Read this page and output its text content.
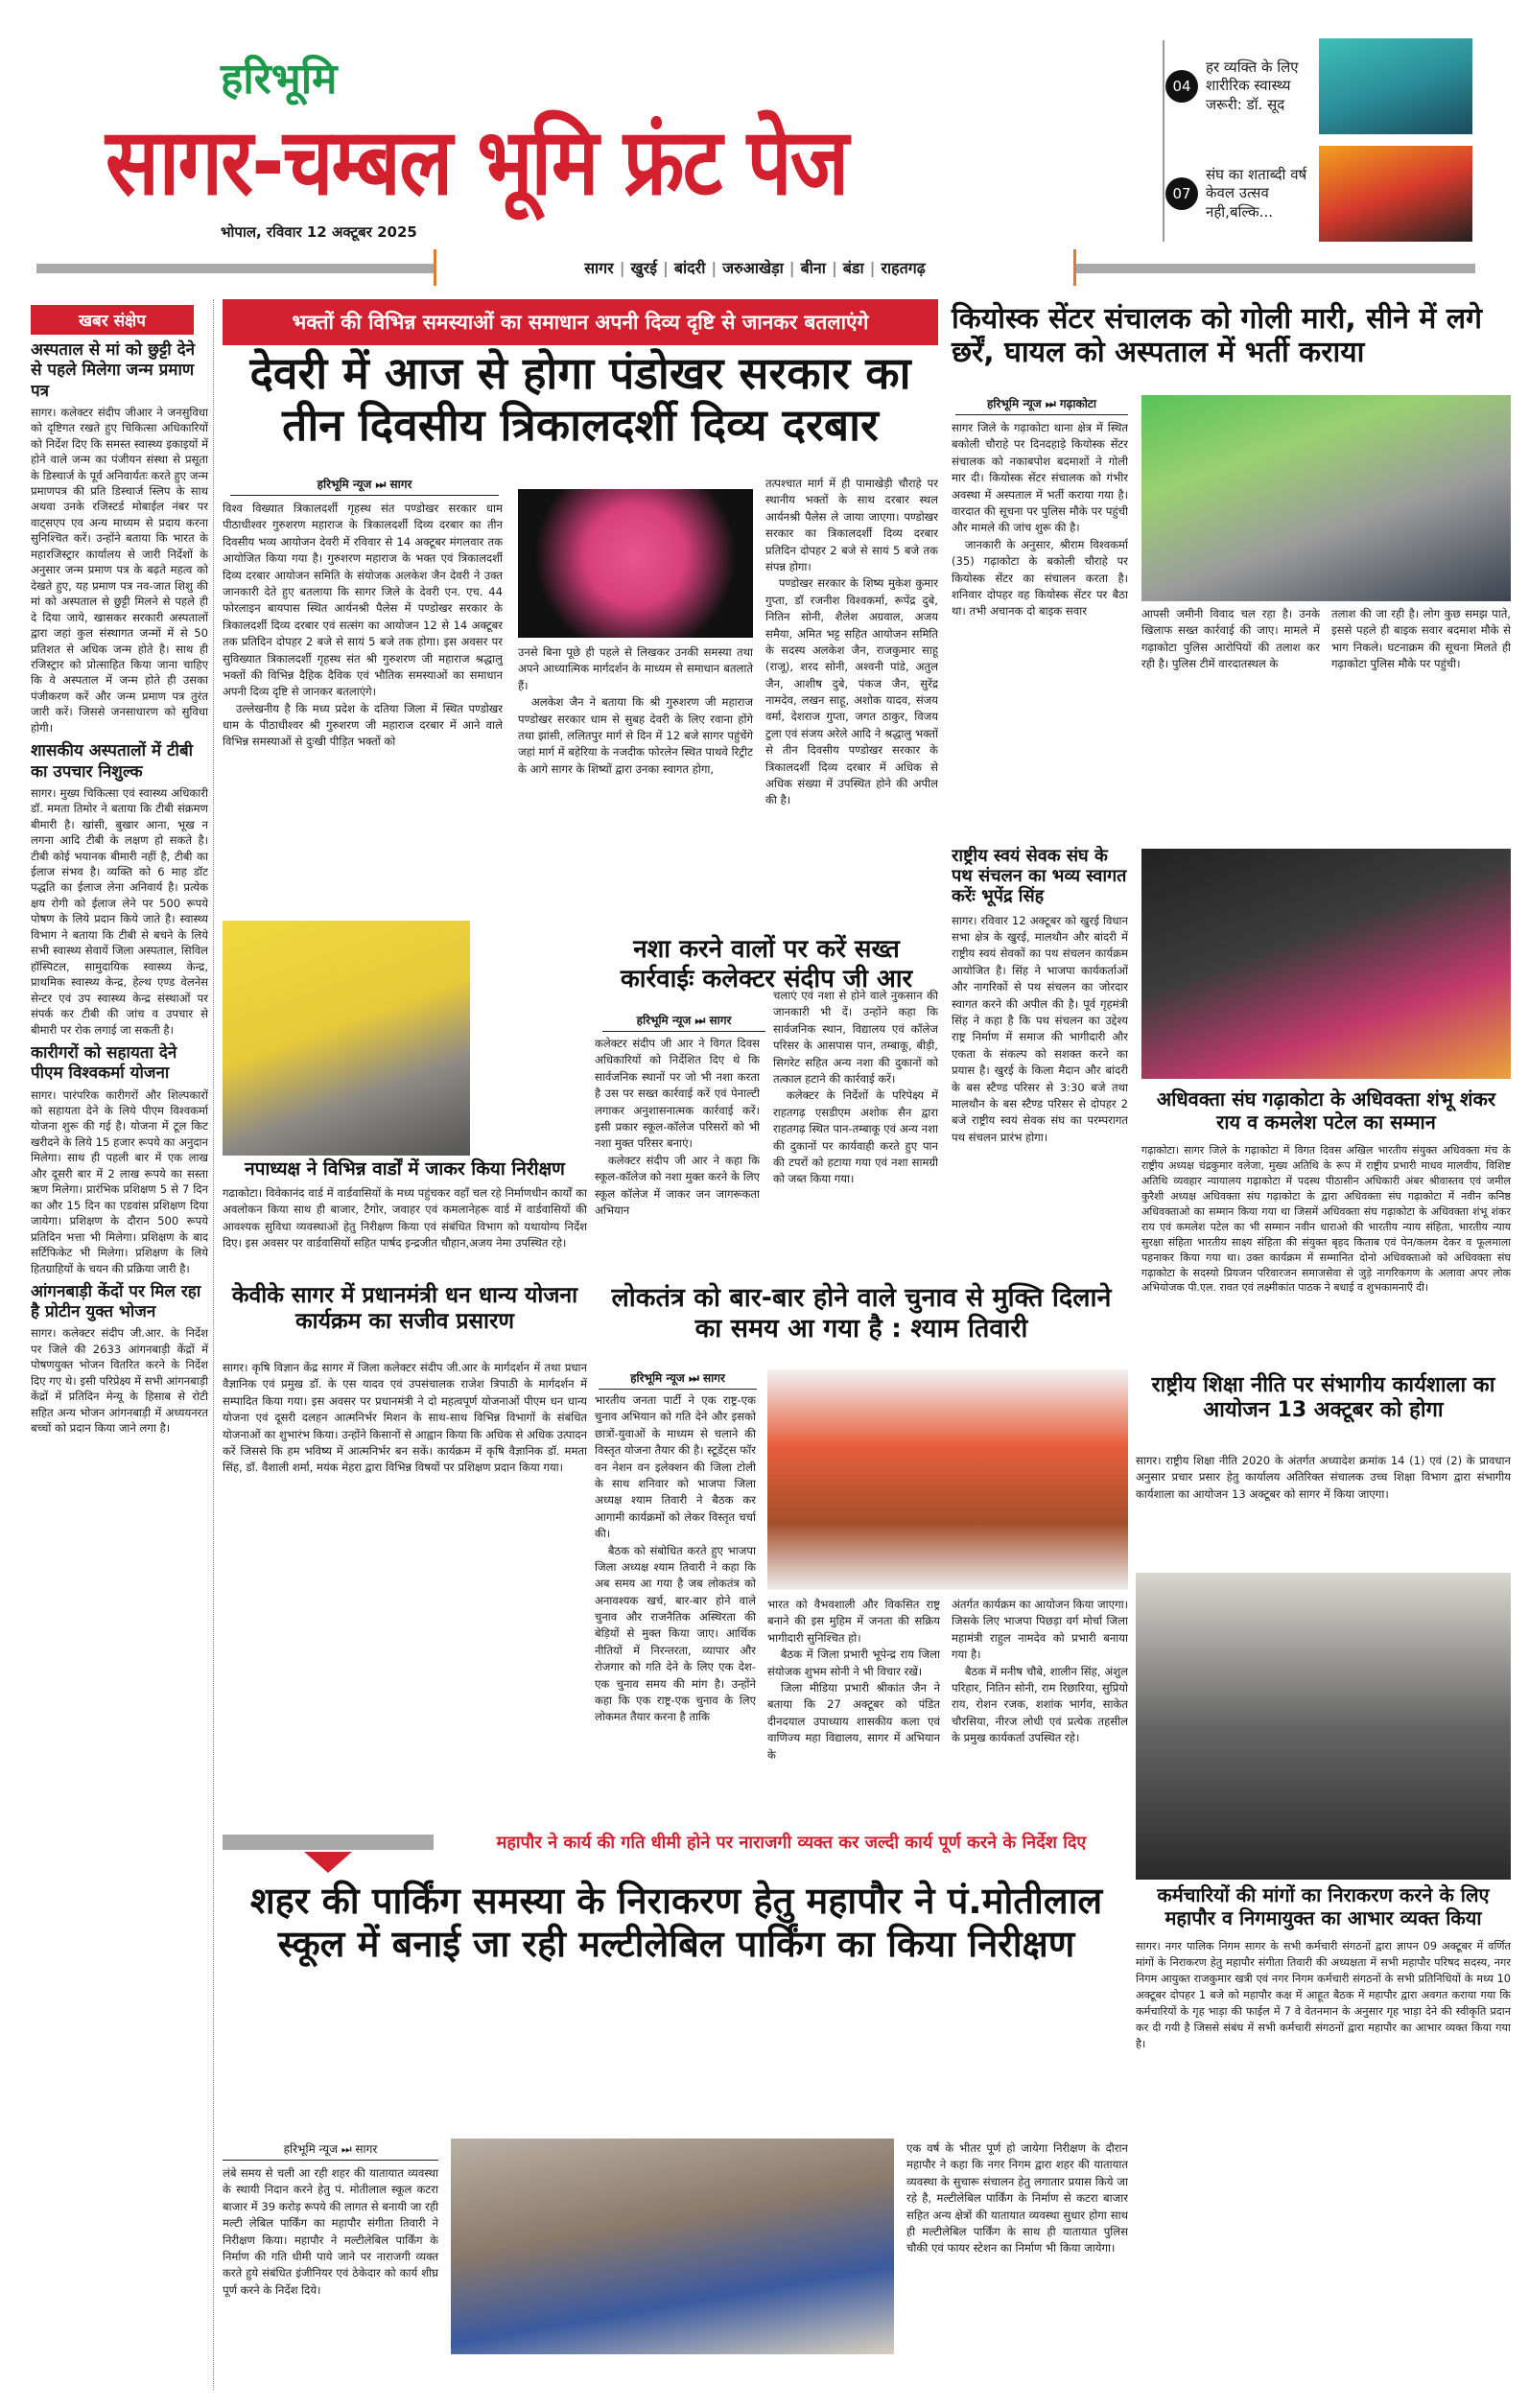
हरिभूमि
सागर-चम्बल भूमि फ्रंट पेज
भोपाल, रविवार 12 अक्टूबर 2025
सागर | खुरई | बांदरी | जरुआखेड़ा | बीना | बंडा | राहतगढ़
04
हर व्यक्ति के लिए शारीरिक स्वास्थ्य जरूरी: डॉ. सूद
07
संघ का शताब्दी वर्ष केवल उत्सव नही,बल्कि...
खबर संक्षेप
अस्पताल से मां को छुट्टी देने से पहले मिलेगा जन्म प्रमाण पत्र

सागर। कलेक्टर संदीप जीआर ने जनसुविधा को दृष्टिगत रखते हुए चिकित्सा अधिकारियों को निर्देश दिए कि समस्त स्वास्थ्य इकाइयों में होने वाले जन्म का पंजीयन संस्था से प्रसूता के डिस्चार्ज के पूर्व अनिवार्यतः करते हुए जन्म प्रमाणपत्र की प्रति डिस्चार्ज स्लिप के साथ अथवा उनके रजिस्टर्ड मोबाईल नंबर पर वाट्सएप एव अन्य माध्यम से प्रदाय करना सुनिश्चित करें। उन्होंने बताया कि भारत के महारजिस्ट्रार कार्यालय से जारी निर्देशों के अनुसार जन्म प्रमाण पत्र के बढ़ते महत्व को देखते हुए, यह प्रमाण पत्र नव-जात शिशु की मां को अस्पताल से छुट्टी मिलने से पहले ही दे दिया जाये, खासकर सरकारी अस्पतालों द्वारा जहां कुल संस्थागत जन्मों में से 50 प्रतिशत से अधिक जन्म होते है। साथ ही रजिस्ट्रार को प्रोत्साहित किया जाना चाहिए कि वे अस्पताल में जन्म होते ही उसका पंजीकरण करें और जन्म प्रमाण पत्र तुरंत जारी करें। जिससे जनसाधारण को सुविधा होगी।

शासकीय अस्पतालों में टीबी का उपचार निशुल्क

सागर। मुख्य चिकित्सा एवं स्वास्थ्य अधिकारी डॉ. ममता तिमोर ने बताया कि टीबी संक्रमण बीमारी है। खांसी, बुखार आना, भूख न लगना आदि टीबी के लक्षण हो सकते है। टीबी कोई भयानक बीमारी नहीं है, टीबी का ईलाज संभव है। व्यक्ति को 6 माह डॉट पद्धति का ईलाज लेना अनिवार्य है। प्रत्येक क्षय रोगी को ईलाज लेने पर 500 रूपये पोषण के लिये प्रदान किये जाते है। स्वास्थ्य विभाग ने बताया कि टीबी से बचने के लिये सभी स्वास्थ्य सेवायें जिला अस्पताल, सिविल हॉस्पिटल, सामुदायिक स्वास्थ्य केन्द्र, प्राथमिक स्वास्थ्य केन्द्र, हेल्थ एण्ड वेलनेस सेन्टर एवं उप स्वास्थ्य केन्द्र संस्थाओं पर संपर्क कर टीबी की जांच व उपचार से बीमारी पर रोक लगाई जा सकती है।

कारीगरों को सहायता देने पीएम विश्वकर्मा योजना

सागर। पारंपरिक कारीगरों और शिल्पकारों को सहायता देने के लिये पीएम विश्वकर्मा योजना शुरू की गई है। योजना में टूल किट खरीदने के लिये 15 हजार रूपये का अनुदान मिलेगा। साथ ही पहली बार में एक लाख और दूसरी बार में 2 लाख रूपये का सस्ता ऋण मिलेगा। प्रारंभिक प्रशिक्षण 5 से 7 दिन का और 15 दिन का एडवांस प्रशिक्षण दिया जायेगा। प्रशिक्षण के दौरान 500 रूपये प्रतिदिन भत्ता भी मिलेगा। प्रशिक्षण के बाद सर्टिफिकेट भी मिलेगा। प्रशिक्षण के लिये हितग्राहियों के चयन की प्रक्रिया जारी है।

आंगनबाड़ी केंदों पर मिल रहा है प्रोटीन युक्त भोजन

सागर। कलेक्टर संदीप जी.आर. के निर्देश पर जिले की 2633 आंगनबाड़ी केंद्रों में पोषणयुक्त भोजन वितरित करने के निर्देश दिए गए थे। इसी परिप्रेक्ष्य में सभी आंगनबाड़ी केंद्रों में प्रतिदिन मेन्यू के हिसाब से रोटी सहित अन्य भोजन आंगनबाड़ी में अध्ययनरत बच्चों को प्रदान किया जाने लगा है।

भक्तों की विभिन्न समस्याओं का समाधान अपनी दिव्य दृष्टि से जानकर बतलाएंगे
देवरी में आज से होगा पंडोखर सरकार का तीन दिवसीय त्रिकालदर्शी दिव्य दरबार
हरिभूमि न्यूज ⏭ सागर

विश्व विख्यात त्रिकालदर्शी गृहस्थ संत पण्डोखर सरकार धाम पीठाधीश्वर गुरुशरण महाराज के त्रिकालदर्शी दिव्य दरबार का तीन दिवसीय भव्य आयोजन देवरी में रविवार से 14 अक्टूबर मंगलवार तक आयोजित किया गया है। गुरुशरण महाराज के भक्त एवं त्रिकालदर्शी दिव्य दरबार आयोजन समिति के संयोजक अलकेश जैन देवरी ने उक्त जानकारी देते हुए बतलाया कि सागर जिले के देवरी एन. एच. 44 फोरलाइन बायपास स्थित आर्यनश्री पैलेस में पण्डोखर सरकार के त्रिकालदर्शी दिव्य दरबार एवं सत्संग का आयोजन 12 से 14 अक्टूबर तक प्रतिदिन दोपहर 2 बजे से सायं 5 बजे तक होगा। इस अवसर पर सुविख्यात त्रिकालदर्शी गृहस्थ संत श्री गुरुशरण जी महाराज श्रद्धालु भक्तों की विभिन्न दैहिक दैविक एवं भौतिक समस्याओं का समाधान अपनी दिव्य दृष्टि से जानकर बतलाएंगे।

उल्लेखनीय है कि मध्य प्रदेश के दतिया जिला में स्थित पण्डोखर धाम के पीठाधीश्वर श्री गुरुशरण जी महाराज दरबार में आने वाले विभिन्न समस्याओं से दुःखी पीड़ित भक्तों को

उनसे बिना पूछे ही पहले से लिखकर उनकी समस्या तथा अपने आध्यात्मिक मार्गदर्शन के माध्यम से समाधान बतलाते हैं।

अलकेश जैन ने बताया कि श्री गुरुशरण जी महाराज पण्डोखर सरकार धाम से सुबह देवरी के लिए रवाना होंगे तथा झांसी, ललितपुर मार्ग से दिन में 12 बजे सागर पहुंचेंगे जहां मार्ग में बहेरिया के नजदीक फोरलेन स्थित पाथवे रिट्रीट के आगे सागर के शिष्यों द्वारा उनका स्वागत होगा,

तत्पश्चात मार्ग में ही पामाखेड़ी चौराहे पर स्थानीय भक्तों के साथ दरबार स्थल आर्यनश्री पैलेस ले जाया जाएगा। पण्डोखर सरकार का त्रिकालदर्शी दिव्य दरबार प्रतिदिन दोपहर 2 बजे से सायं 5 बजे तक संपन्न होगा।

पण्डोखर सरकार के शिष्य मुकेश कुमार गुप्ता, डॉ रजनीश विश्वकर्मा, रूपेंद्र दुबे, नितिन सोनी, शैलेश अग्रवाल, अजय समैया, अमित भट्ट सहित आयोजन समिति के सदस्य अलकेश जैन, राजकुमार साहू (राजू), शरद सोनी, अश्वनी पांडे, अतुल जैन, आशीष दुबे, पंकज जैन, सुरेंद्र नामदेव, लखन साहू, अशोक यादव, संजय वर्मा, देशराज गुप्ता, जगत ठाकुर, विजय टुला एवं संजय अरेले आदि ने श्रद्धालु भक्तों से तीन दिवसीय पण्डोखर सरकार के त्रिकालदर्शी दिव्य दरबार में अधिक से अधिक संख्या में उपस्थित होने की अपील की है।

नपाध्यक्ष ने विभिन्न वार्डों में जाकर किया निरीक्षण

गढाकोटा। विवेकानंद वार्ड में वार्डवासियों के मध्य पहुंचकर वहाँ चल रहे निर्माणधीन कार्यों का अवलोकन किया साथ ही बाजार, टैगोर, जवाहर एवं कमलानेहरू वार्ड में वार्डवासियों की आवश्यक सुविधा व्यवस्थाओं हेतु निरीक्षण किया एवं संबंधित विभाग को यथायोग्य निर्देश दिए। इस अवसर पर वार्डवासियों सहित पार्षद इन्द्रजीत चौहान,अजय नेमा उपस्थित रहे।

नशा करने वालों पर करें सख्त कार्रवाईः कलेक्टर संदीप जी आर
हरिभूमि न्यूज ⏭ सागर

कलेक्टर संदीप जी आर ने विगत दिवस अधिकारियों को निर्देशित दिए थे कि सार्वजनिक स्थानों पर जो भी नशा करता है उस पर सख्त कार्रवाई करें एवं पेनाल्टी लगाकर अनुशासनात्मक कार्रवाई करें। इसी प्रकार स्कूल-कॉलेज परिसरों को भी नशा मुक्त परिसर बनाएं।

कलेक्टर संदीप जी आर ने कहा कि स्कूल-कॉलेज को नशा मुक्त करने के लिए स्कूल कॉलेज में जाकर जन जागरूकता अभियान

चलाएं एवं नशा से होने वाले नुकसान की जानकारी भी दें। उन्होंने कहा कि सार्वजनिक स्थान, विद्यालय एवं कॉलेज परिसर के आसपास पान, तम्बाकू, बीड़ी, सिगरेट सहित अन्य नशा की दुकानों को तत्काल हटाने की कार्रवाई करें।

कलेक्टर के निर्देशों के परिपेक्ष्य में राहतगढ़ एसडीएम अशोक सैन द्वारा राहतगढ़ स्थित पान-तम्बाकू एवं अन्य नशा की दुकानों पर कार्यवाही करते हुए पान की टपरों को हटाया गया एवं नशा सामग्री को जब्त किया गया।

कियोस्क सेंटर संचालक को गोली मारी, सीने में लगे छर्रें, घायल को अस्पताल में भर्ती कराया
हरिभूमि न्यूज ⏭ गढ़ाकोटा

सागर जिले के गढ़ाकोटा थाना क्षेत्र में स्थित बकोली चौराहे पर दिनदहाड़े कियोस्क सेंटर संचालक को नकाबपोश बदमाशों ने गोली मार दी। कियोस्क सेंटर संचालक को गंभीर अवस्था में अस्पताल में भर्ती कराया गया है। वारदात की सूचना पर पुलिस मौके पर पहुंची और मामले की जांच शुरू की है।

जानकारी के अनुसार, श्रीराम विश्वकर्मा (35) गढ़ाकोटा के बकोली चौराहे पर कियोस्क सेंटर का संचालन करता है। शनिवार दोपहर वह कियोस्क सेंटर पर बैठा था। तभी अचानक दो बाइक सवार	आपसी जमीनी विवाद चल रहा है। उनके खिलाफ सख्त कार्रवाई की जाए। मामले में गढ़ाकोटा पुलिस आरोपियों की तलाश कर रही है। पुलिस टीमें वारदातस्थल के

तलाश की जा रही है। लोग कुछ समझ पाते, इससे पहले ही बाइक सवार बदमाश मौके से भाग निकले। घटनाक्रम की सूचना मिलते ही गढ़ाकोटा पुलिस मौके पर पहुंची।

राष्ट्रीय स्वयं सेवक संघ के पथ संचलन का भव्य स्वागत करेंः भूपेंद्र सिंह

सागर। रविवार 12 अक्टूबर को खुरई विधान सभा क्षेत्र के खुरई, मालथौन और बांदरी में राष्ट्रीय स्वयं सेवकों का पथ संचलन कार्यक्रम आयोजित है। सिंह ने भाजपा कार्यकर्ताओं और नागरिकों से पथ संचलन का जोरदार स्वागत करने की अपील की है। पूर्व गृहमंत्री सिंह ने कहा है कि पथ संचलन का उद्देश्य राष्ट्र निर्माण में समाज की भागीदारी और एकता के संकल्प को सशक्त करने का प्रयास है। खुरई के किला मैदान और बांदरी के बस स्टैण्ड परिसर से 3:30 बजे तथा मालथौन के बस स्टैण्ड परिसर से दोपहर 2 बजे राष्ट्रीय स्वयं सेवक संघ का परम्परागत पथ संचलन प्रारंभ होगा।

अधिवक्ता संघ गढ़ाकोटा के अधिवक्ता शंभू शंकर राय व कमलेश पटेल का सम्मान

गढ़ाकोटा। सागर जिले के गढ़ाकोटा में विगत दिवस अखिल भारतीय संयुक्त अधिवक्ता मंच के राष्ट्रीय अध्यक्ष चंद्रकुमार वलेजा, मुख्य अतिथि के रूप में राष्ट्रीय प्रभारी माधव मालवीय, विशिष्ट अतिथि व्यवहार न्यायालय गढ़ाकोटा में पदस्थ पीठासीन अधिकारी अंबर श्रीवास्तव एवं जमील कुरैशी अध्यक्ष अधिवक्ता संघ गढ़ाकोटा के द्वारा अधिवक्ता संघ गढ़ाकोटा में नवीन कनिष्ठ अधिवक्ताओ का सम्मान किया गया था जिसमें अधिवक्ता संघ गढ़ाकोटा के अधिवक्ता शंभू शंकर राय एवं कमलेश पटेल का भी सम्मान नवीन धाराओ की भारतीय न्याय संहिता, भारतीय न्याय सुरक्षा संहिता भारतीय साक्ष्य संहिता की संयुक्त बृहद किताब एवं पेन/कलम देकर व फूलमाला पहनाकर किया गया था। उक्त कार्यक्रम में सम्मानित दोनो अधिवक्ताओ को अधिवक्ता संघ गढ़ाकोटा के सदस्यो प्रियजन परिवारजन समाजसेवा से जुड़े नागरिकगण के अलावा अपर लोक अभियोजक पी.एल. रावत एवं लक्ष्मीकांत पाठक ने बधाई व शुभकामनाएँ दी।

राष्ट्रीय शिक्षा नीति पर संभागीय कार्यशाला का आयोजन 13 अक्टूबर को होगा

सागर। राष्ट्रीय शिक्षा नीति 2020 के अंतर्गत अध्यादेश क्रमांक 14 (1) एवं (2) के प्रावधान अनुसार प्रचार प्रसार हेतु कार्यालय अतिरिक्त संचालक उच्च शिक्षा विभाग द्वारा संभागीय कार्यशाला का आयोजन 13 अक्टूबर को सागर में किया जाएगा।

केवीके सागर में प्रधानमंत्री धन धान्य योजना कार्यक्रम का सजीव प्रसारण

सागर। कृषि विज्ञान केंद्र सागर में जिला कलेक्टर संदीप जी.आर के मार्गदर्शन में तथा प्रधान वैज्ञानिक एवं प्रमुख डॉ. के एस यादव एवं उपसंचालक राजेश त्रिपाठी के मार्गदर्शन में सम्पादित किया गया। इस अवसर पर प्रधानमंत्री ने दो महत्वपूर्ण योजनाओं पीएम धन धान्य योजना एवं दूसरी दलहन आत्मनिर्भर मिशन के साथ-साथ विभिन्न विभागों के संबंधित योजनाओं का शुभारंभ किया। उन्होंने किसानों से आह्वान किया कि अधिक से अधिक उत्पादन करें जिससे कि हम भविष्य में आत्मनिर्भर बन सकें। कार्यक्रम में कृषि वैज्ञानिक डॉ. ममता सिंह, डॉ. वैशाली शर्मा, मयंक मेहरा द्वारा विभिन्न विषयों पर प्रशिक्षण प्रदान किया गया।

लोकतंत्र को बार-बार होने वाले चुनाव से मुक्ति दिलाने का समय आ गया है : श्याम तिवारी
हरिभूमि न्यूज ⏭ सागर

भारतीय जनता पार्टी ने एक राष्ट्र-एक चुनाव अभियान को गति देने और इसको छात्रों-युवाओं के माध्यम से चलाने की विस्तृत योजना तैयार की है। स्टूडेंट्स फॉर वन नेशन वन इलेक्शन की जिला टोली के साथ शनिवार को भाजपा जिला अध्यक्ष श्याम तिवारी ने बैठक कर आगामी कार्यक्रमों को लेकर विस्तृत चर्चा की।

बैठक को संबोधित करते हुए भाजपा जिला अध्यक्ष श्याम तिवारी ने कहा कि अब समय आ गया है जब लोकतंत्र को अनावश्यक खर्च, बार-बार होने वाले चुनाव और राजनैतिक अस्थिरता की बेड़ियों से मुक्त किया जाए। आर्थिक नीतियों में निरन्तरता, व्यापार और रोजगार को गति देने के लिए एक देश-एक चुनाव समय की मांग है। उन्होंने कहा कि एक राष्ट्र-एक चुनाव के लिए लोकमत तैयार करना है ताकि

भारत को वैभवशाली और विकसित राष्ट्र बनाने की इस मुहिम में जनता की सक्रिय भागीदारी सुनिश्चित हो।

बैठक में जिला प्रभारी भूपेन्द्र राय जिला संयोजक शुभम सोनी ने भी विचार रखें।

जिला मीडिया प्रभारी श्रीकांत जैन ने बताया कि 27 अक्टूबर को पंडित दीनदयाल उपाध्याय शासकीय कला एवं वाणिज्य महा विद्यालय, सागर में अभियान के

अंतर्गत कार्यक्रम का आयोजन किया जाएगा। जिसके लिए भाजपा पिछड़ा वर्ग मोर्चा जिला महामंत्री राहुल नामदेव को प्रभारी बनाया गया है।

बैठक में मनीष चौबे, शालीन सिंह, अंशुल परिहार, नितिन सोनी, राम रिछारिया, सुप्रियो राय, रोशन रजक, शशांक भार्गव, साकेत चौरसिया, नीरज लोधी एवं प्रत्येक तहसील के प्रमुख कार्यकर्ता उपस्थित रहे।

कर्मचारियों की मांगों का निराकरण करने के लिए महापौर व निगमायुक्त का आभार व्यक्त किया

सागर। नगर पालिक निगम सागर के सभी कर्मचारी संगठनों द्वारा ज्ञापन 09 अक्टूबर में वर्णित मांगों के निराकरण हेतु महापौर संगीता तिवारी की अध्यक्षता में सभी महापौर परिषद सदस्य, नगर निगम आयुक्त राजकुमार खत्री एवं नगर निगम कर्मचारी संगठनों के सभी प्रतिनिधियों के मध्य 10 अक्टूबर दोपहर 1 बजे को महापौर कक्ष में आहूत बैठक में महापौर द्वारा अवगत कराया गया कि कर्मचारियों के गृह भाड़ा की फाईल में 7 वे वेतनमान के अनुसार गृह भाड़ा देने की स्वीकृति प्रदान कर दी गयी है जिससे संबंध में सभी कर्मचारी संगठनों द्वारा महापौर का आभार व्यक्त किया गया है।

महापौर ने कार्य की गति धीमी होने पर नाराजगी व्यक्त कर जल्दी कार्य पूर्ण करने के निर्देश दिए
शहर की पार्किंग समस्या के निराकरण हेतु महापौर ने पं.मोतीलाल स्कूल में बनाई जा रही मल्टीलेबिल पार्किंग का किया निरीक्षण
हरिभूमि न्यूज ⏭ सागर

लंबे समय से चली आ रही शहर की यातायात व्यवस्था के स्थायी निदान करने हेतु पं. मोतीलाल स्कूल कटरा बाजार में 39 करोड़ रूपये की लागत से बनायी जा रही मल्टी लेबिल पार्किंग का महापौर संगीता तिवारी ने निरीक्षण किया। महापौर ने मल्टीलेबिल पार्किंग के निर्माण की गति धीमी पाये जाने पर नाराजगी व्यक्त करते हुये संबंधित इंजीनियर एवं ठेकेदार को कार्य शीघ्र पूर्ण करने के निर्देश दिये।

एक वर्ष के भीतर पूर्ण हो जायेगा निरीक्षण के दौरान महापौर ने कहा कि नगर निगम द्वारा शहर की यातायात व्यवस्था के सुचारू संचालन हेतु लगातार प्रयास किये जा रहे है, मल्टीलेबिल पार्किंग के निर्माण से कटरा बाजार सहित अन्य क्षेत्रों की यातायात व्यवस्था सुधार होगा साथ ही मल्टीलेबिल पार्किंग के साथ ही यातायात पुलिस चौकी एवं फायर स्टेशन का निर्माण भी किया जायेगा।
